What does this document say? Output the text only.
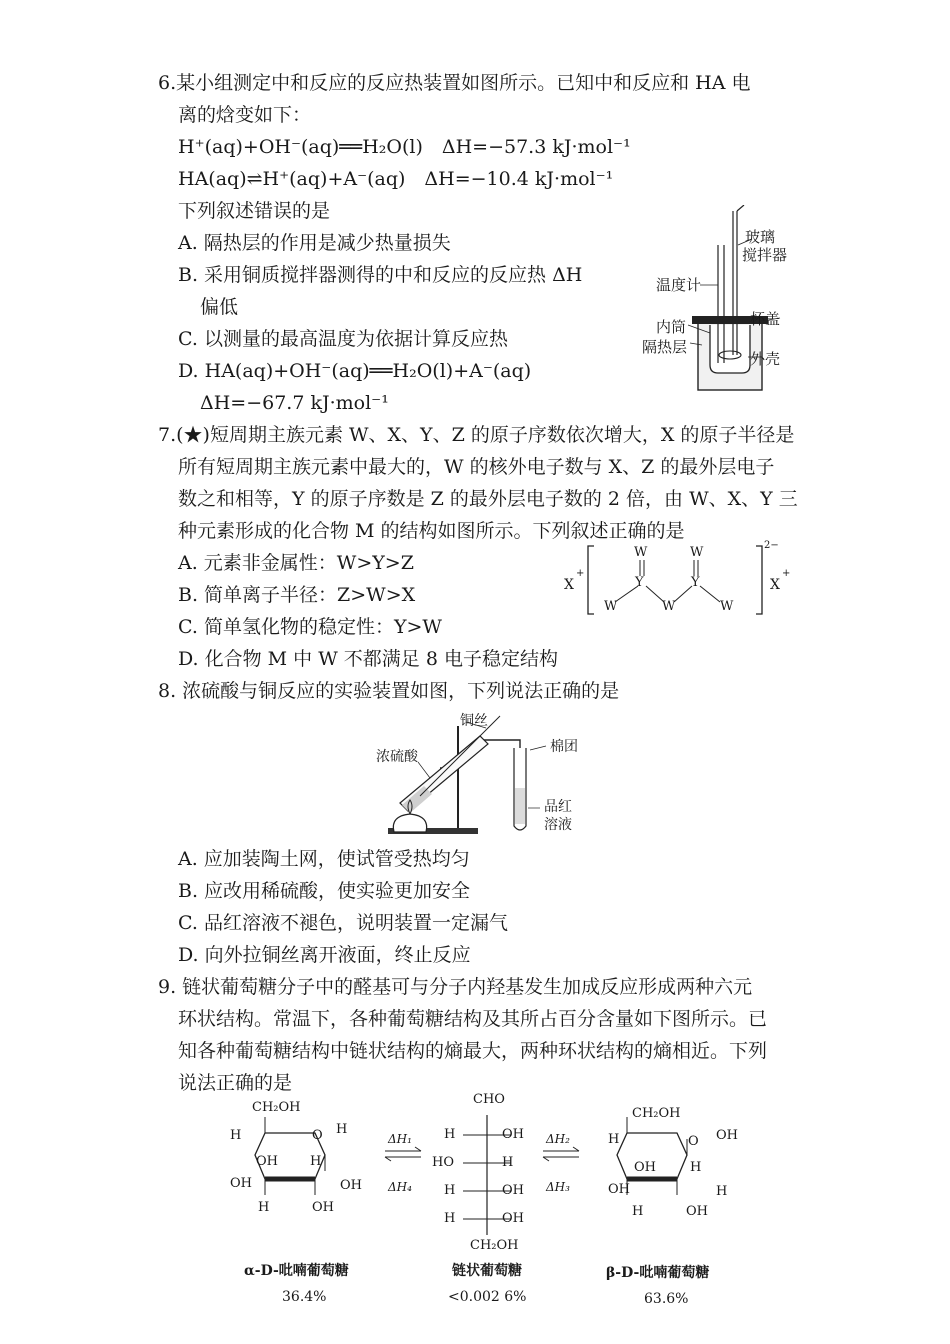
6.某小组测定中和反应的反应热装置如图所示。已知中和反应和 HA 电
离的焓变如下：
H⁺(aq)+OH⁻(aq)══H₂O(l)　ΔH=−57.3 kJ·mol⁻¹
HA(aq)⇌H⁺(aq)+A⁻(aq)　ΔH=−10.4 kJ·mol⁻¹
下列叙述错误的是
A. 隔热层的作用是减少热量损失
B. 采用铜质搅拌器测得的中和反应的反应热 ΔH
偏低
C. 以测量的最高温度为依据计算反应热
D. HA(aq)+OH⁻(aq)══H₂O(l)+A⁻(aq)
ΔH=−67.7 kJ·mol⁻¹
玻璃
搅拌器
温度计
杯盖
内筒
隔热层
外壳
7.(★)短周期主族元素 W、X、Y、Z 的原子序数依次增大，X 的原子半径是
所有短周期主族元素中最大的，W 的核外电子数与 X、Z 的最外层电子
数之和相等，Y 的原子序数是 Z 的最外层电子数的 2 倍，由 W、X、Y 三
种元素形成的化合物 M 的结构如图所示。下列叙述正确的是
A. 元素非金属性：W>Y>Z
B. 简单离子半径：Z>W>X
C. 简单氢化物的稳定性：Y>W
D. 化合物 M 中 W 不都满足 8 电子稳定结构
X
+
X
+
2−
W	W
Y	Y
W	W	W
8. 浓硫酸与铜反应的实验装置如图，下列说法正确的是
铜丝
浓硫酸
棉团
品红
溶液
A. 应加装陶土网，使试管受热均匀
B. 应改用稀硫酸，使实验更加安全
C. 品红溶液不褪色，说明装置一定漏气
D. 向外拉铜丝离开液面，终止反应
9. 链状葡萄糖分子中的醛基可与分子内羟基发生加成反应形成两种六元
环状结构。常温下，各种葡萄糖结构及其所占百分含量如下图所示。已
知各种葡萄糖结构中链状结构的熵最大，两种环状结构的熵相近。下列
说法正确的是
CH₂OH
O
H	H
OH H
OH	OH
H	OH
ΔH₁
ΔH₄
ΔH₂
ΔH₃
CHO
H	OH
HO	H
H	OH
H	OH
CH₂OH
CH₂OH
O
H	OH
OH	H
OH	H
H	OH
α-D-吡喃葡萄糖
36.4%
链状葡萄糖
<0.002 6%
β-D-吡喃葡萄糖
63.6%
